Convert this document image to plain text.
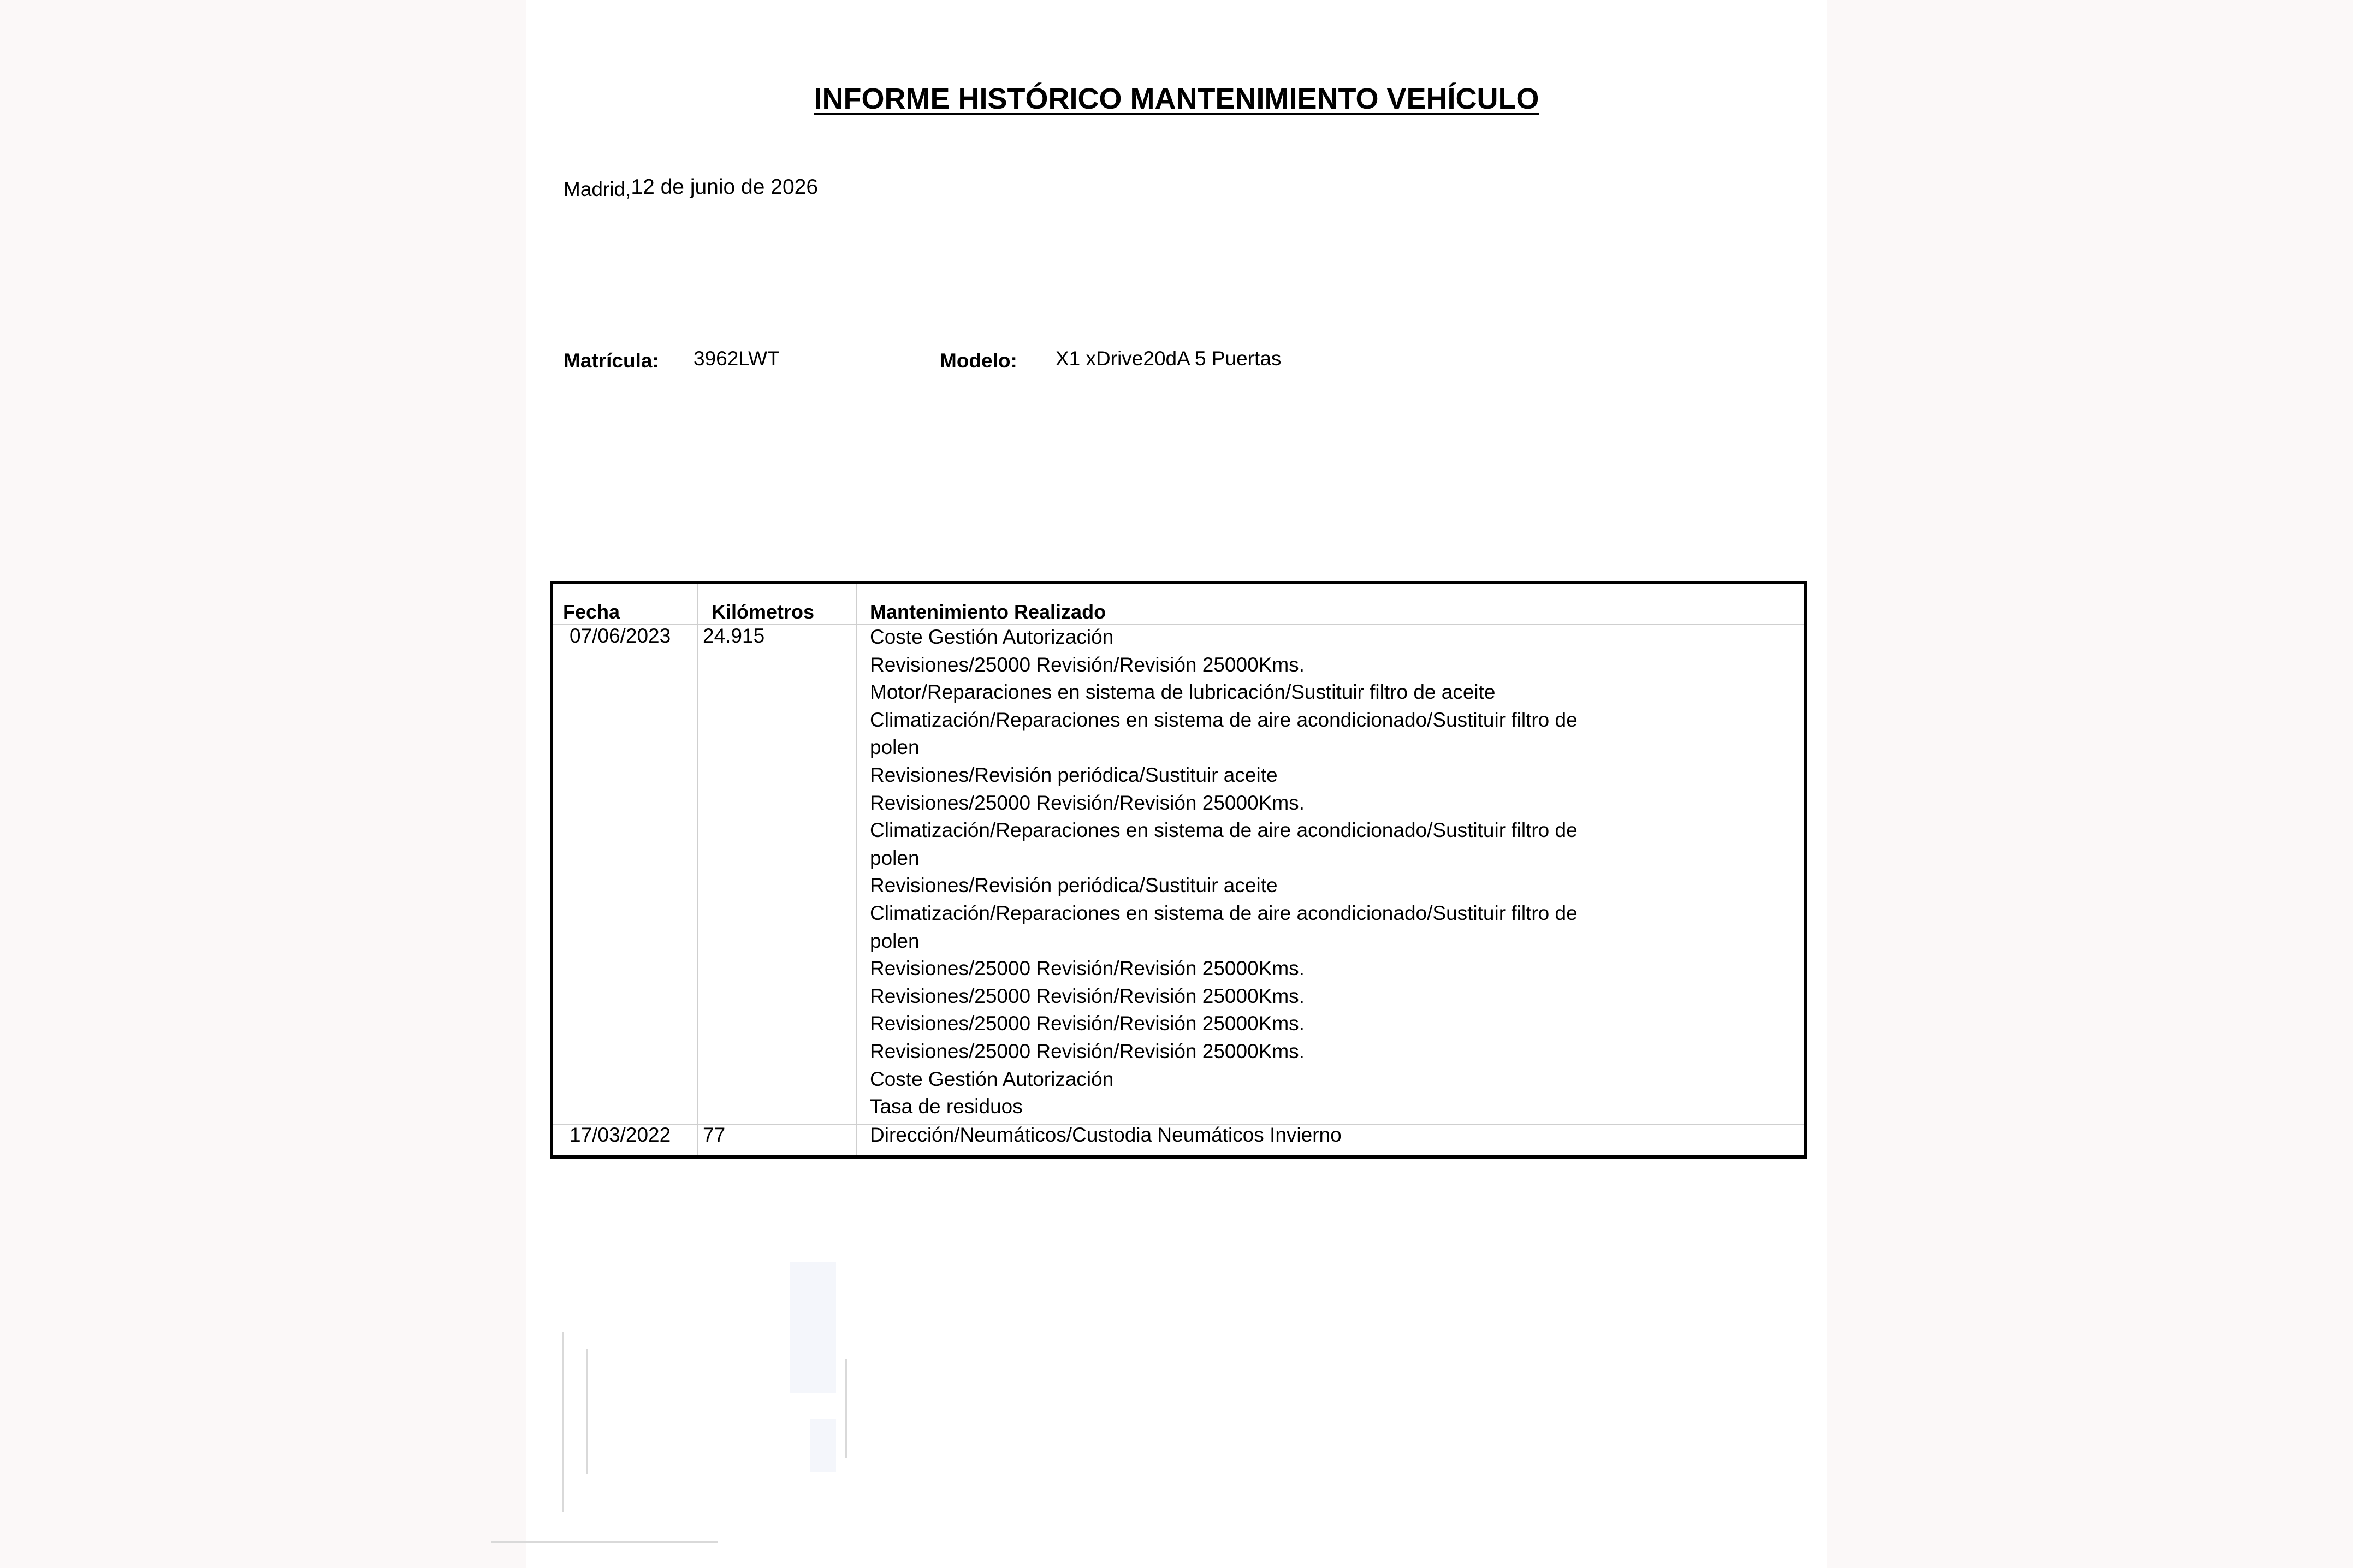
INFORME HISTÓRICO MANTENIMIENTO VEHÍCULO
Madrid,12 de junio de 2026
Matrícula: 3962LWT	Modelo: X1 xDrive20dA 5 Puertas
Fecha	Kilómetros	Mantenimiento Realizado
07/06/2023 24.915	Coste Gestión Autorización
Revisiones/25000 Revisión/Revisión 25000Kms.
Motor/Reparaciones en sistema de lubricación/Sustituir filtro de aceite
Climatización/Reparaciones en sistema de aire acondicionado/Sustituir filtro de
polen
Revisiones/Revisión periódica/Sustituir aceite
Revisiones/25000 Revisión/Revisión 25000Kms.
Climatización/Reparaciones en sistema de aire acondicionado/Sustituir filtro de
polen
Revisiones/Revisión periódica/Sustituir aceite
Climatización/Reparaciones en sistema de aire acondicionado/Sustituir filtro de
polen
Revisiones/25000 Revisión/Revisión 25000Kms.
Revisiones/25000 Revisión/Revisión 25000Kms.
Revisiones/25000 Revisión/Revisión 25000Kms.
Revisiones/25000 Revisión/Revisión 25000Kms.
Coste Gestión Autorización
Tasa de residuos
17/03/2022 77	Dirección/Neumáticos/Custodia Neumáticos Invierno
